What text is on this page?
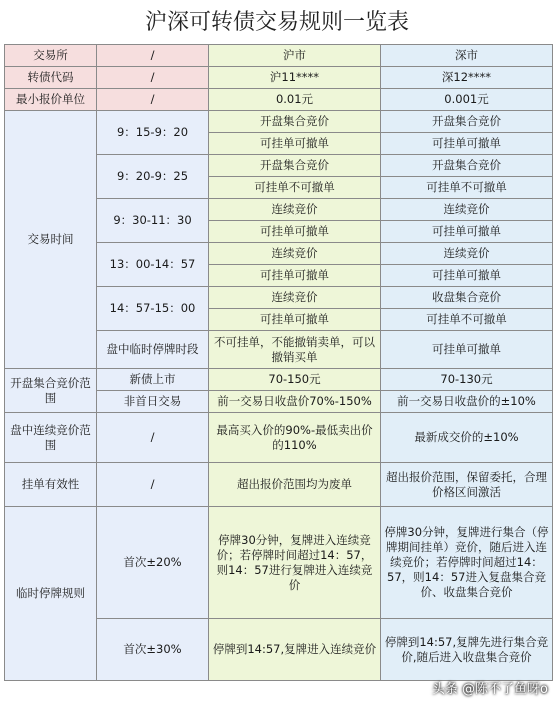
沪深可转债交易规则一览表
交易所	/	沪市	深市
转债代码	/	沪11****	深12****
最小报价单位	/	0.01元	0.001元
交易时间	9：15-9：20	开盘集合竞价	开盘集合竞价
		可挂单可撤单	可挂单可撤单
	9：20-9：25	开盘集合竞价	开盘集合竞价
		可挂单不可撤单	可挂单不可撤单
	9：30-11：30	连续竞价	连续竞价
		可挂单可撤单	可挂单可撤单
	13：00-14：57	连续竞价	连续竞价
		可挂单可撤单	可挂单可撤单
	14：57-15：00	连续竞价	收盘集合竞价
		可挂单可撤单	可挂单不可撤单
	盘中临时停牌时段	不可挂单，不能撤销卖单，可以撤销买单	可挂单可撤单
开盘集合竞价范围	新债上市	70-150元	70-130元
	非首日交易	前一交易日收盘价70%-150%	前一交易日收盘价的±10%
盘中连续竞价范围	/	最高买入价的90%-最低卖出价的110%	最新成交价的±10%
挂单有效性	/	超出报价范围均为废单	超出报价范围，保留委托，合理价格区间激活
临时停牌规则	首次±20%	停牌30分钟，复牌进入连续竞价；若停牌时间超过14：57，则14：57进行复牌进入连续竞价	停牌30分钟，复牌进行集合（停牌期间挂单）竞价，随后进入连续竞价；若停牌时间超过14：57，则14：57进入复盘集合竞价、收盘集合竞价
	首次±30%	停牌到14:57,复牌进入连续竞价	停牌到14:57,复牌先进行集合竞价,随后进入收盘集合竞价
头条 @陈不了鱼呀o
